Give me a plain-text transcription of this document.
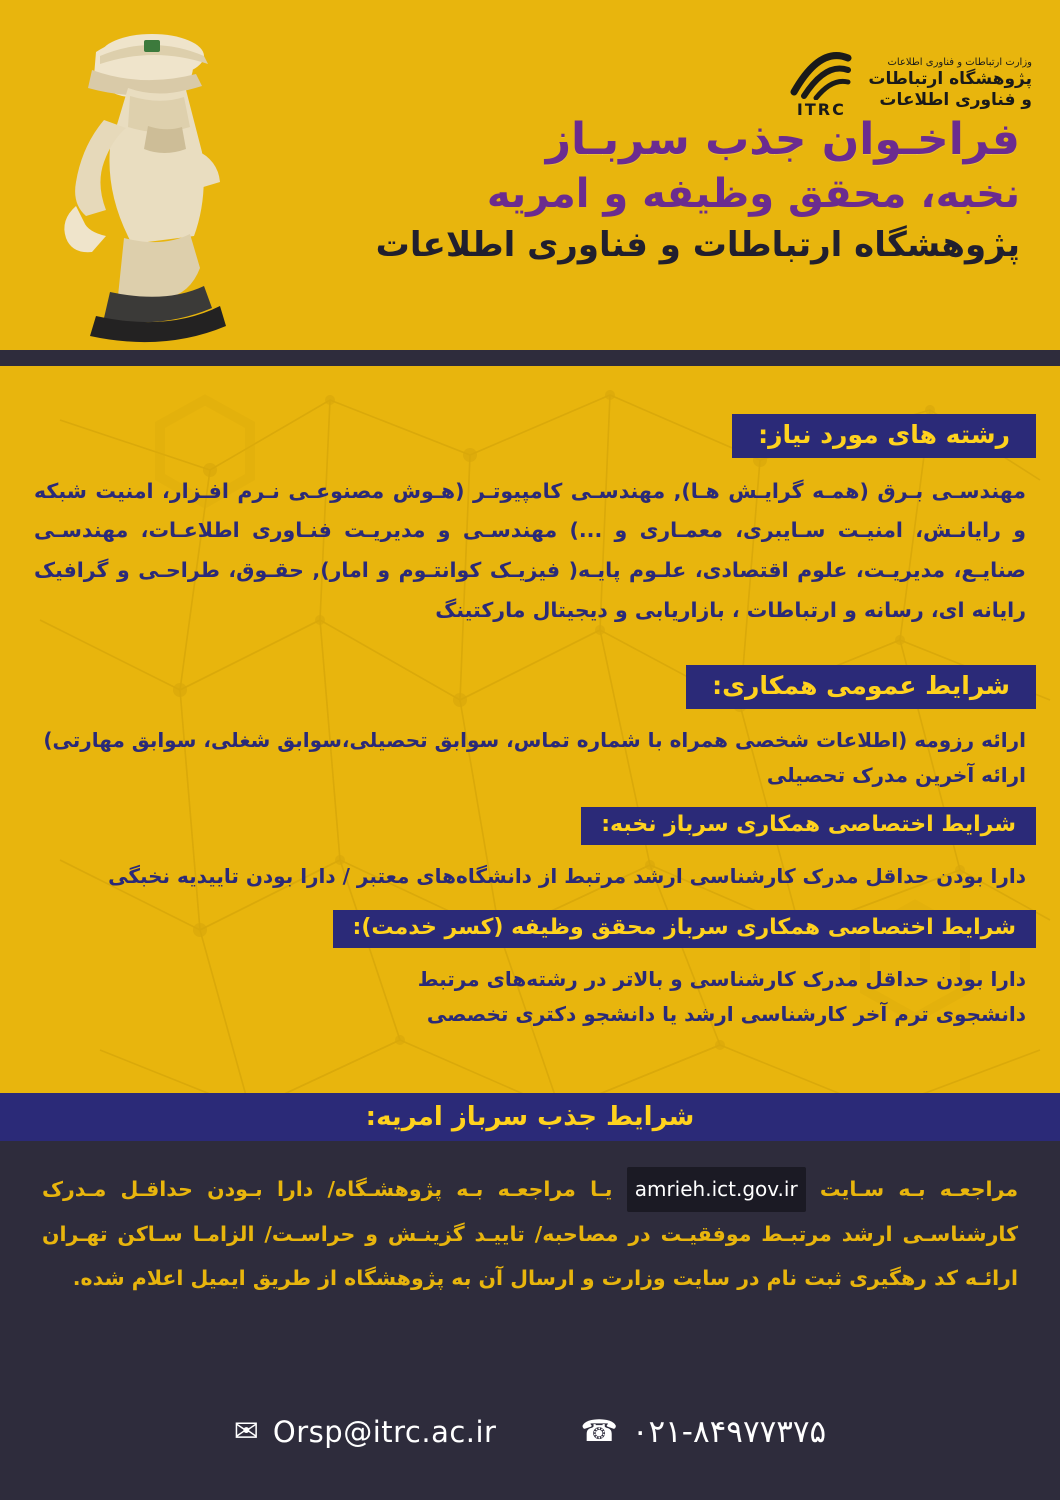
وزارت ارتباطات و فناوری اطلاعات
پژوهشگاه ارتباطات
و فناوری اطلاعات
ITRC
فراخـوان جذب سربـاز
نخبه، محقق وظیفه و امریه
پژوهشگاه ارتباطات و فناوری اطلاعات
رشته های مورد نیاز:
مهندسـی بـرق (همـه گرایـش هـا), مهندسـی کامپیوتـر (هـوش مصنوعـی نـرم افـزار، امنیت شبکه و رایانـش، امنیـت سـایبری، معمـاری و ...) مهندسـی و مدیریـت فنـاوری اطلاعـات، مهندسـی صنایـع، مدیریـت، علوم اقتصادی، علـوم پایـه( فیزیـک کوانتـوم و امار), حقـوق، طراحـی و گرافیک رایانه ای، رسانه و ارتباطات ، بازاریابی و دیجیتال مارکتینگ
شرایط عمومی همکاری:
ارائه رزومه (اطلاعات شخصی همراه با شماره تماس، سوابق تحصیلی،سوابق شغلی، سوابق مهارتی)
ارائه آخرین مدرک تحصیلی
شرایط اختصاصی همکاری سرباز نخبه:
دارا بودن حداقل مدرک کارشناسی ارشد مرتبط از دانشگاه‌های معتبر / دارا بودن تاییدیه نخبگی
شرایط اختصاصی همکاری سرباز محقق وظیفه (کسر خدمت):
دارا بودن حداقل مدرک کارشناسی و بالاتر در رشته‌های مرتبط
دانشجوی ترم آخر کارشناسی ارشد یا دانشجو دکتری تخصصی
شرایط جذب سرباز امریه:
مراجعـه بـه سـایت amrieh.ict.gov.ir یـا مراجعـه بـه پژوهشـگاه/ دارا بـودن حداقـل مـدرک کارشناسـی ارشد مرتبـط موفقیـت در مصاحبه/ تاییـد گزینـش و حراسـت/ الزامـا سـاکن تهـران ارائـه کد رهگیری ثبت نام در سایت وزارت و ارسال آن به پژوهشگاه از طریق ایمیل اعلام شده.
✉ Orsp@itrc.ac.ir	☎ ۰۲۱-۸۴۹۷۷۳۷۵
